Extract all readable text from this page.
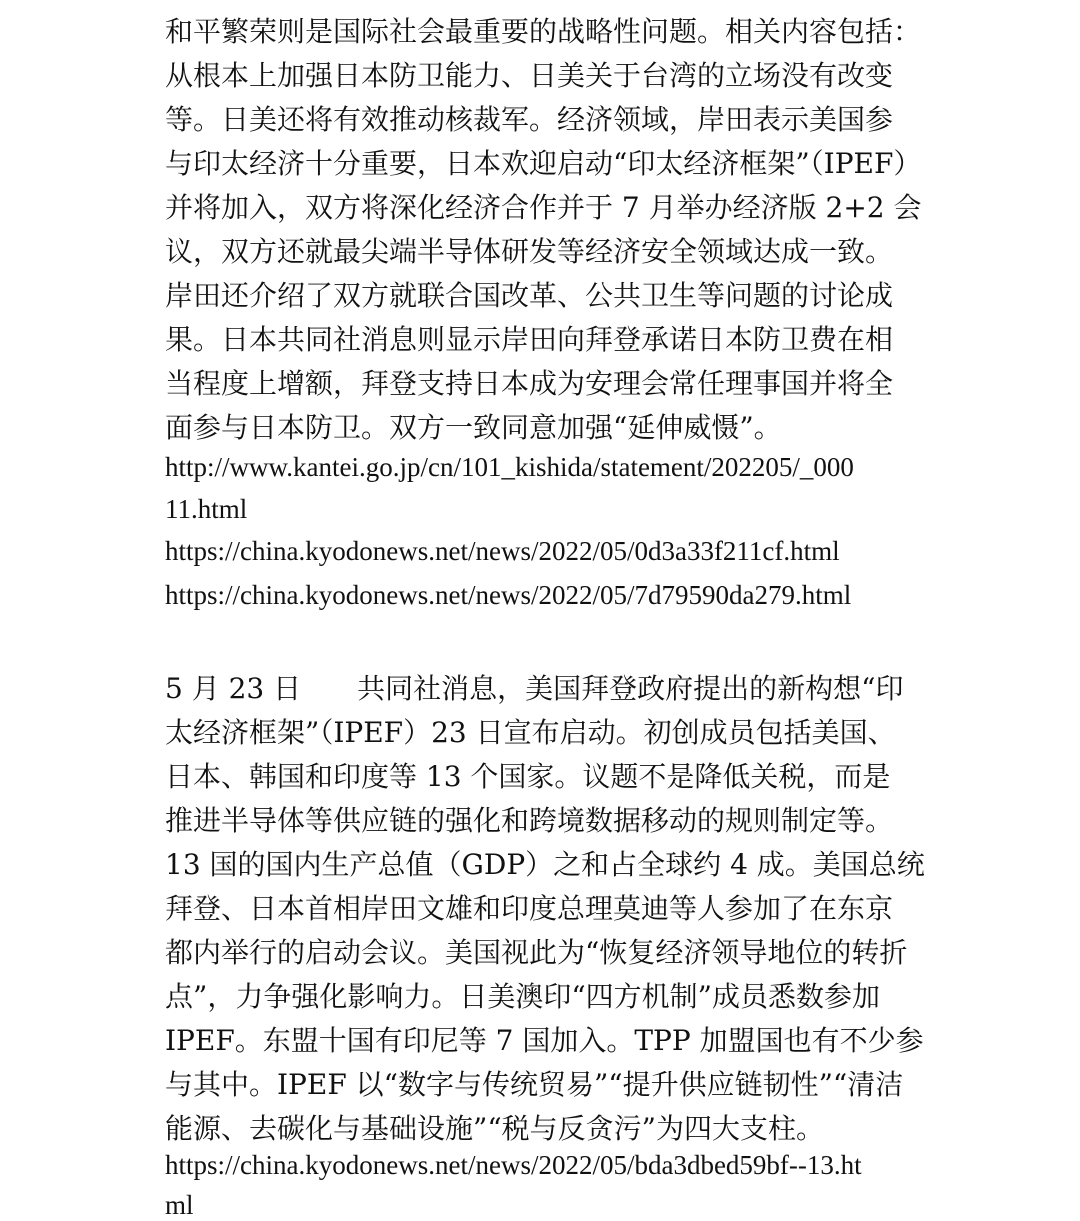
和平繁荣则是国际社会最重要的战略性问题。相关内容包括：

从根本上加强日本防卫能力、日美关于台湾的立场没有改变

等。日美还将有效推动核裁军。经济领域，岸田表示美国参

与印太经济十分重要，日本欢迎启动“印太经济框架”（IPEF）

并将加入，双方将深化经济合作并于 7 月举办经济版 2+2 会

议，双方还就最尖端半导体研发等经济安全领域达成一致。

岸田还介绍了双方就联合国改革、公共卫生等问题的讨论成

果。日本共同社消息则显示岸田向拜登承诺日本防卫费在相

当程度上增额，拜登支持日本成为安理会常任理事国并将全

面参与日本防卫。双方一致同意加强“延伸威慑”。

http://www.kantei.go.jp/cn/101_kishida/statement/202205/_000

11.html

https://china.kyodonews.net/news/2022/05/0d3a33f211cf.html

https://china.kyodonews.net/news/2022/05/7d79590da279.html

5 月 23 日　　共同社消息，美国拜登政府提出的新构想“印

太经济框架”（IPEF）23 日宣布启动。初创成员包括美国、

日本、韩国和印度等 13 个国家。议题不是降低关税，而是

推进半导体等供应链的强化和跨境数据移动的规则制定等。

13 国的国内生产总值（GDP）之和占全球约 4 成。美国总统

拜登、日本首相岸田文雄和印度总理莫迪等人参加了在东京

都内举行的启动会议。美国视此为“恢复经济领导地位的转折

点”，力争强化影响力。日美澳印“四方机制”成员悉数参加

IPEF。东盟十国有印尼等 7 国加入。TPP 加盟国也有不少参

与其中。IPEF 以“数字与传统贸易”“提升供应链韧性”“清洁

能源、去碳化与基础设施”“税与反贪污”为四大支柱。

https://china.kyodonews.net/news/2022/05/bda3dbed59bf--13.ht

ml
